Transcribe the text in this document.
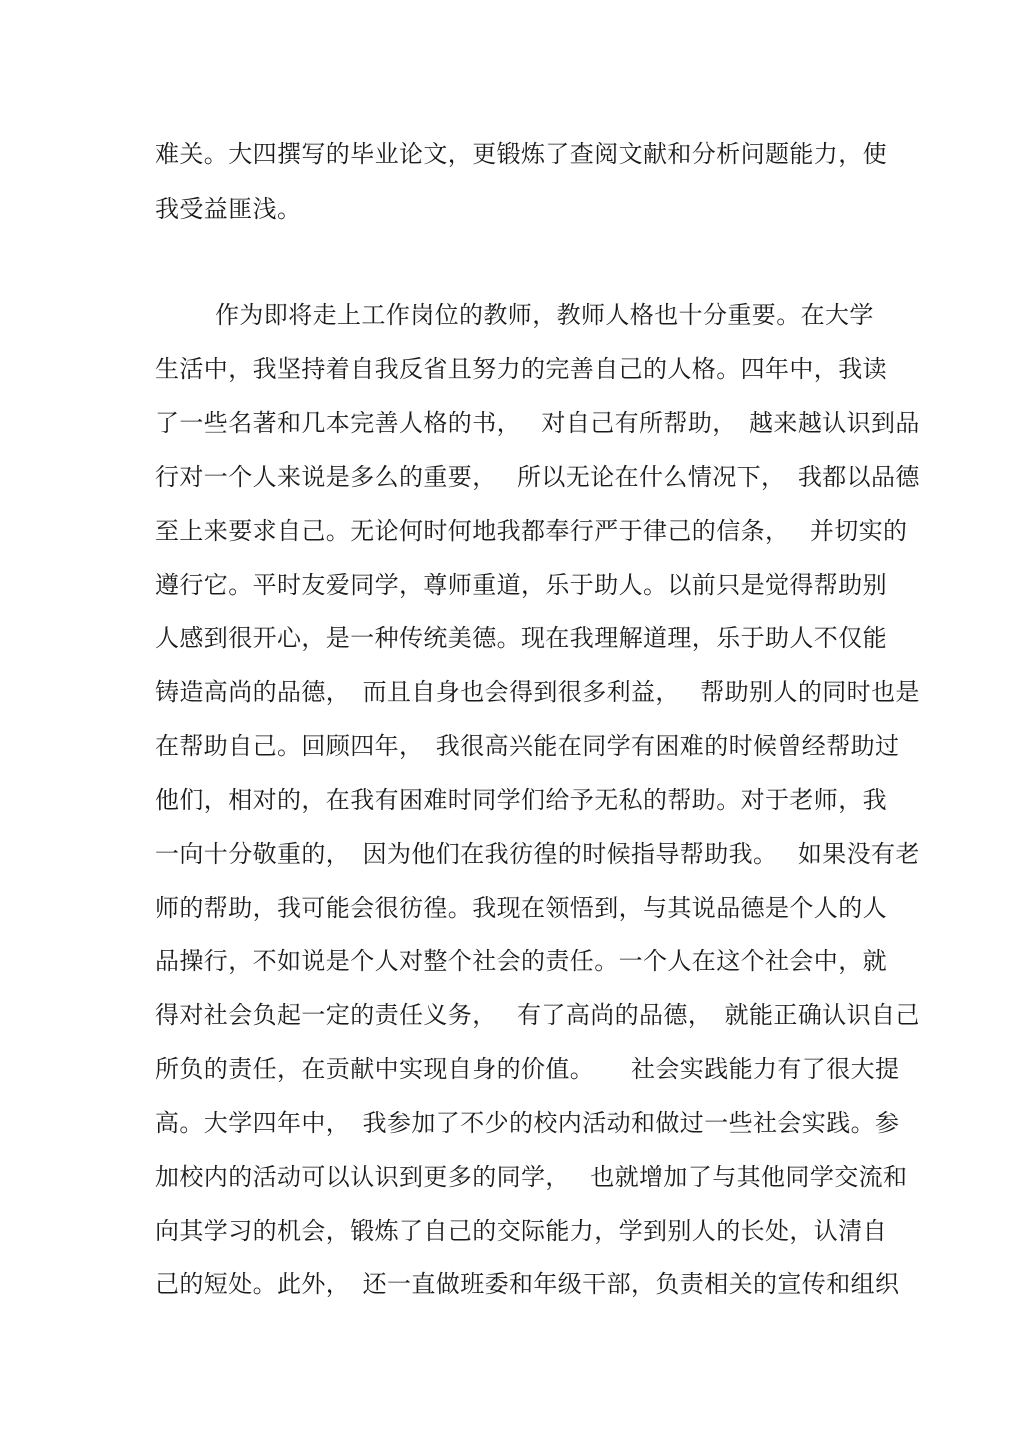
难关。大四撰写的毕业论文，更锻炼了查阅文献和分析问题能力，使
我受益匪浅。
作为即将走上工作岗位的教师，教师人格也十分重要。在大学
生活中，我坚持着自我反省且努力的完善自己的人格。四年中，我读
了一些名著和几本完善人格的书，　 对自己有所帮助，　越来越认识到品
行对一个人来说是多么的重要，　 所以无论在什么情况下，　我都以品德
至上来要求自己。无论何时何地我都奉行严于律己的信条，　 并切实的
遵行它。平时友爱同学，尊师重道，乐于助人。以前只是觉得帮助别
人感到很开心，是一种传统美德。现在我理解道理，乐于助人不仅能
铸造高尚的品德，　而且自身也会得到很多利益，　 帮助别人的同时也是
在帮助自己。回顾四年，　我很高兴能在同学有困难的时候曾经帮助过
他们，相对的，在我有困难时同学们给予无私的帮助。对于老师，我
一向十分敬重的，　因为他们在我彷徨的时候指导帮助我。　 如果没有老
师的帮助，我可能会很彷徨。我现在领悟到，与其说品德是个人的人
品操行，不如说是个人对整个社会的责任。一个人在这个社会中，就
得对社会负起一定的责任义务，　 有了高尚的品德，　就能正确认识自己
所负的责任，在贡献中实现自身的价值。　　社会实践能力有了很大提
高。大学四年中，　我参加了不少的校内活动和做过一些社会实践。参
加校内的活动可以认识到更多的同学，　 也就增加了与其他同学交流和
向其学习的机会，锻炼了自己的交际能力，学到别人的长处，认清自
己的短处。此外，　还一直做班委和年级干部，负责相关的宣传和组织
